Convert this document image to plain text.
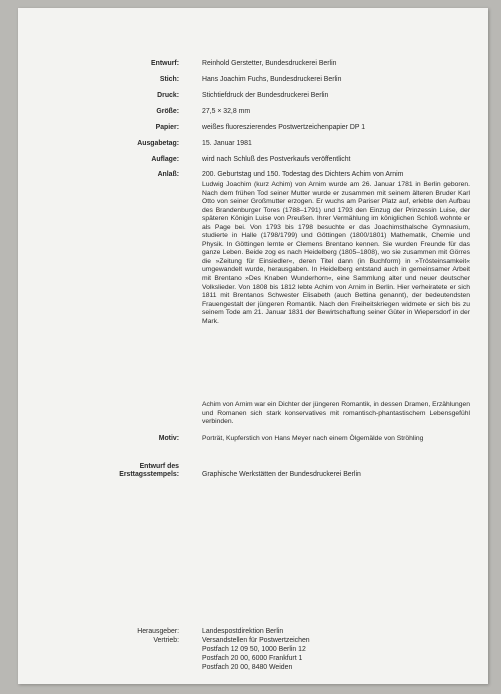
Entwurf:	Reinhold Gerstetter, Bundesdruckerei Berlin
Stich:	Hans Joachim Fuchs, Bundesdruckerei Berlin
Druck:	Stichtiefdruck der Bundesdruckerei Berlin
Größe:	27,5 × 32,8 mm
Papier:	weißes fluoreszierendes Postwertzeichenpapier DP 1
Ausgabetag:	15. Januar 1981
Auflage:	wird nach Schluß des Postverkaufs veröffentlicht
Anlaß:	200. Geburtstag und 150. Todestag des Dichters Achim von Arnim
Ludwig Joachim (kurz Achim) von Arnim wurde am 26. Januar 1781 in Berlin geboren. Nach dem frühen Tod seiner Mutter wurde er zusammen mit seinem älteren Bruder Karl Otto von seiner Großmutter erzogen. Er wuchs am Pariser Platz auf, erlebte den Aufbau des Brandenburger Tores (1788–1791) und 1793 den Einzug der Prinzessin Luise, der späteren Königin Luise von Preußen. Ihrer Vermählung im königlichen Schloß wohnte er als Page bei. Von 1793 bis 1798 besuchte er das Joachimsthalsche Gymnasium, studierte in Halle (1798/1799) und Göttingen (1800/1801) Mathematik, Chemie und Physik. In Göttingen lernte er Clemens Brentano kennen. Sie wurden Freunde für das ganze Leben. Beide zog es nach Heidelberg (1805–1808), wo sie zusammen mit Görres die »Zeitung für Einsiedler«, deren Titel dann (in Buchform) in »Trösteinsamkeit« umgewandelt wurde, herausgaben. In Heidelberg entstand auch in gemeinsamer Arbeit mit Brentano »Des Knaben Wunderhorn«, eine Sammlung alter und neuer deutscher Volkslieder. Von 1808 bis 1812 lebte Achim von Arnim in Berlin. Hier verheiratete er sich 1811 mit Brentanos Schwester Elisabeth (auch Bettina genannt), der bedeutendsten Frauengestalt der jüngeren Romantik. Nach den Freiheitskriegen widmete er sich bis zu seinem Tode am 21. Januar 1831 der Bewirtschaftung seiner Güter in Wiepersdorf in der Mark.
Achim von Arnim war ein Dichter der jüngeren Romantik, in dessen Dramen, Erzählungen und Romanen sich stark konservatives mit romantisch-phantastischem Lebensgefühl verbinden.
Motiv:	Porträt, Kupferstich von Hans Meyer nach einem Ölgemälde von Ströhling
Entwurf des
Ersttagsstempels:	Graphische Werkstätten der Bundesdruckerei Berlin
Herausgeber:	Landespostdirektion Berlin
Vertrieb:	Versandstellen für Postwertzeichen
Postfach 12 09 50, 1000 Berlin 12
Postfach 20 00, 6000 Frankfurt 1
Postfach 20 00, 8480 Weiden
